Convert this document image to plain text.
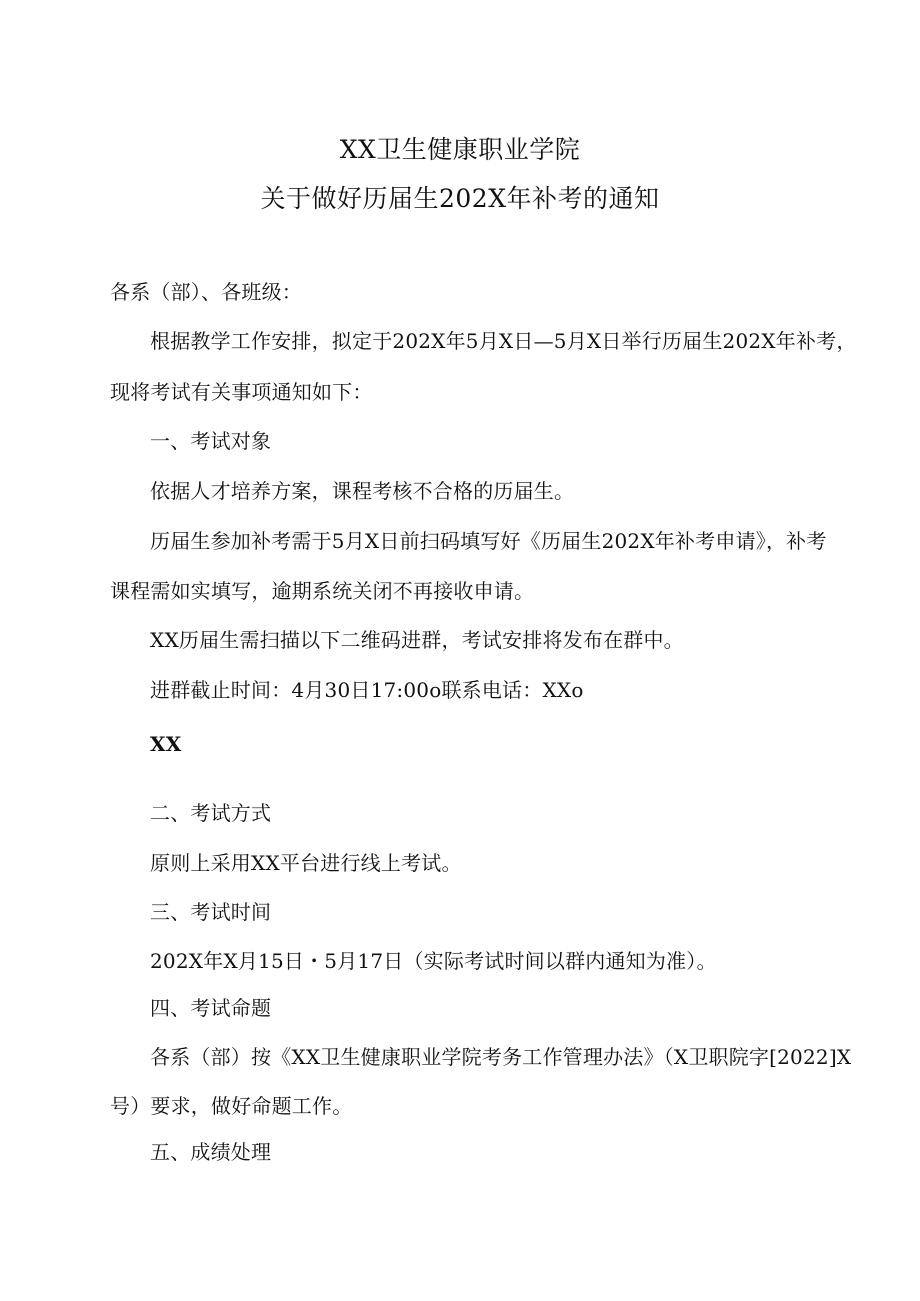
XX卫生健康职业学院
关于做好历届生202X年补考的通知
各系（部）、各班级：
根据教学工作安排，拟定于202X年5月X日—5月X日举行历届生202X年补考，
现将考试有关事项通知如下：
一、考试对象
依据人才培养方案，课程考核不合格的历届生。
历届生参加补考需于5月X日前扫码填写好《历届生202X年补考申请》，补考
课程需如实填写，逾期系统关闭不再接收申请。
XX历届生需扫描以下二维码进群，考试安排将发布在群中。
进群截止时间：4月30日17:00o联系电话：XXo
XX
二、考试方式
原则上采用XX平台进行线上考试。
三、考试时间
202X年X月15日・5月17日（实际考试时间以群内通知为准）。
四、考试命题
各系（部）按《XX卫生健康职业学院考务工作管理办法》（X卫职院字[2022]X
号）要求，做好命题工作。
五、成绩处理
